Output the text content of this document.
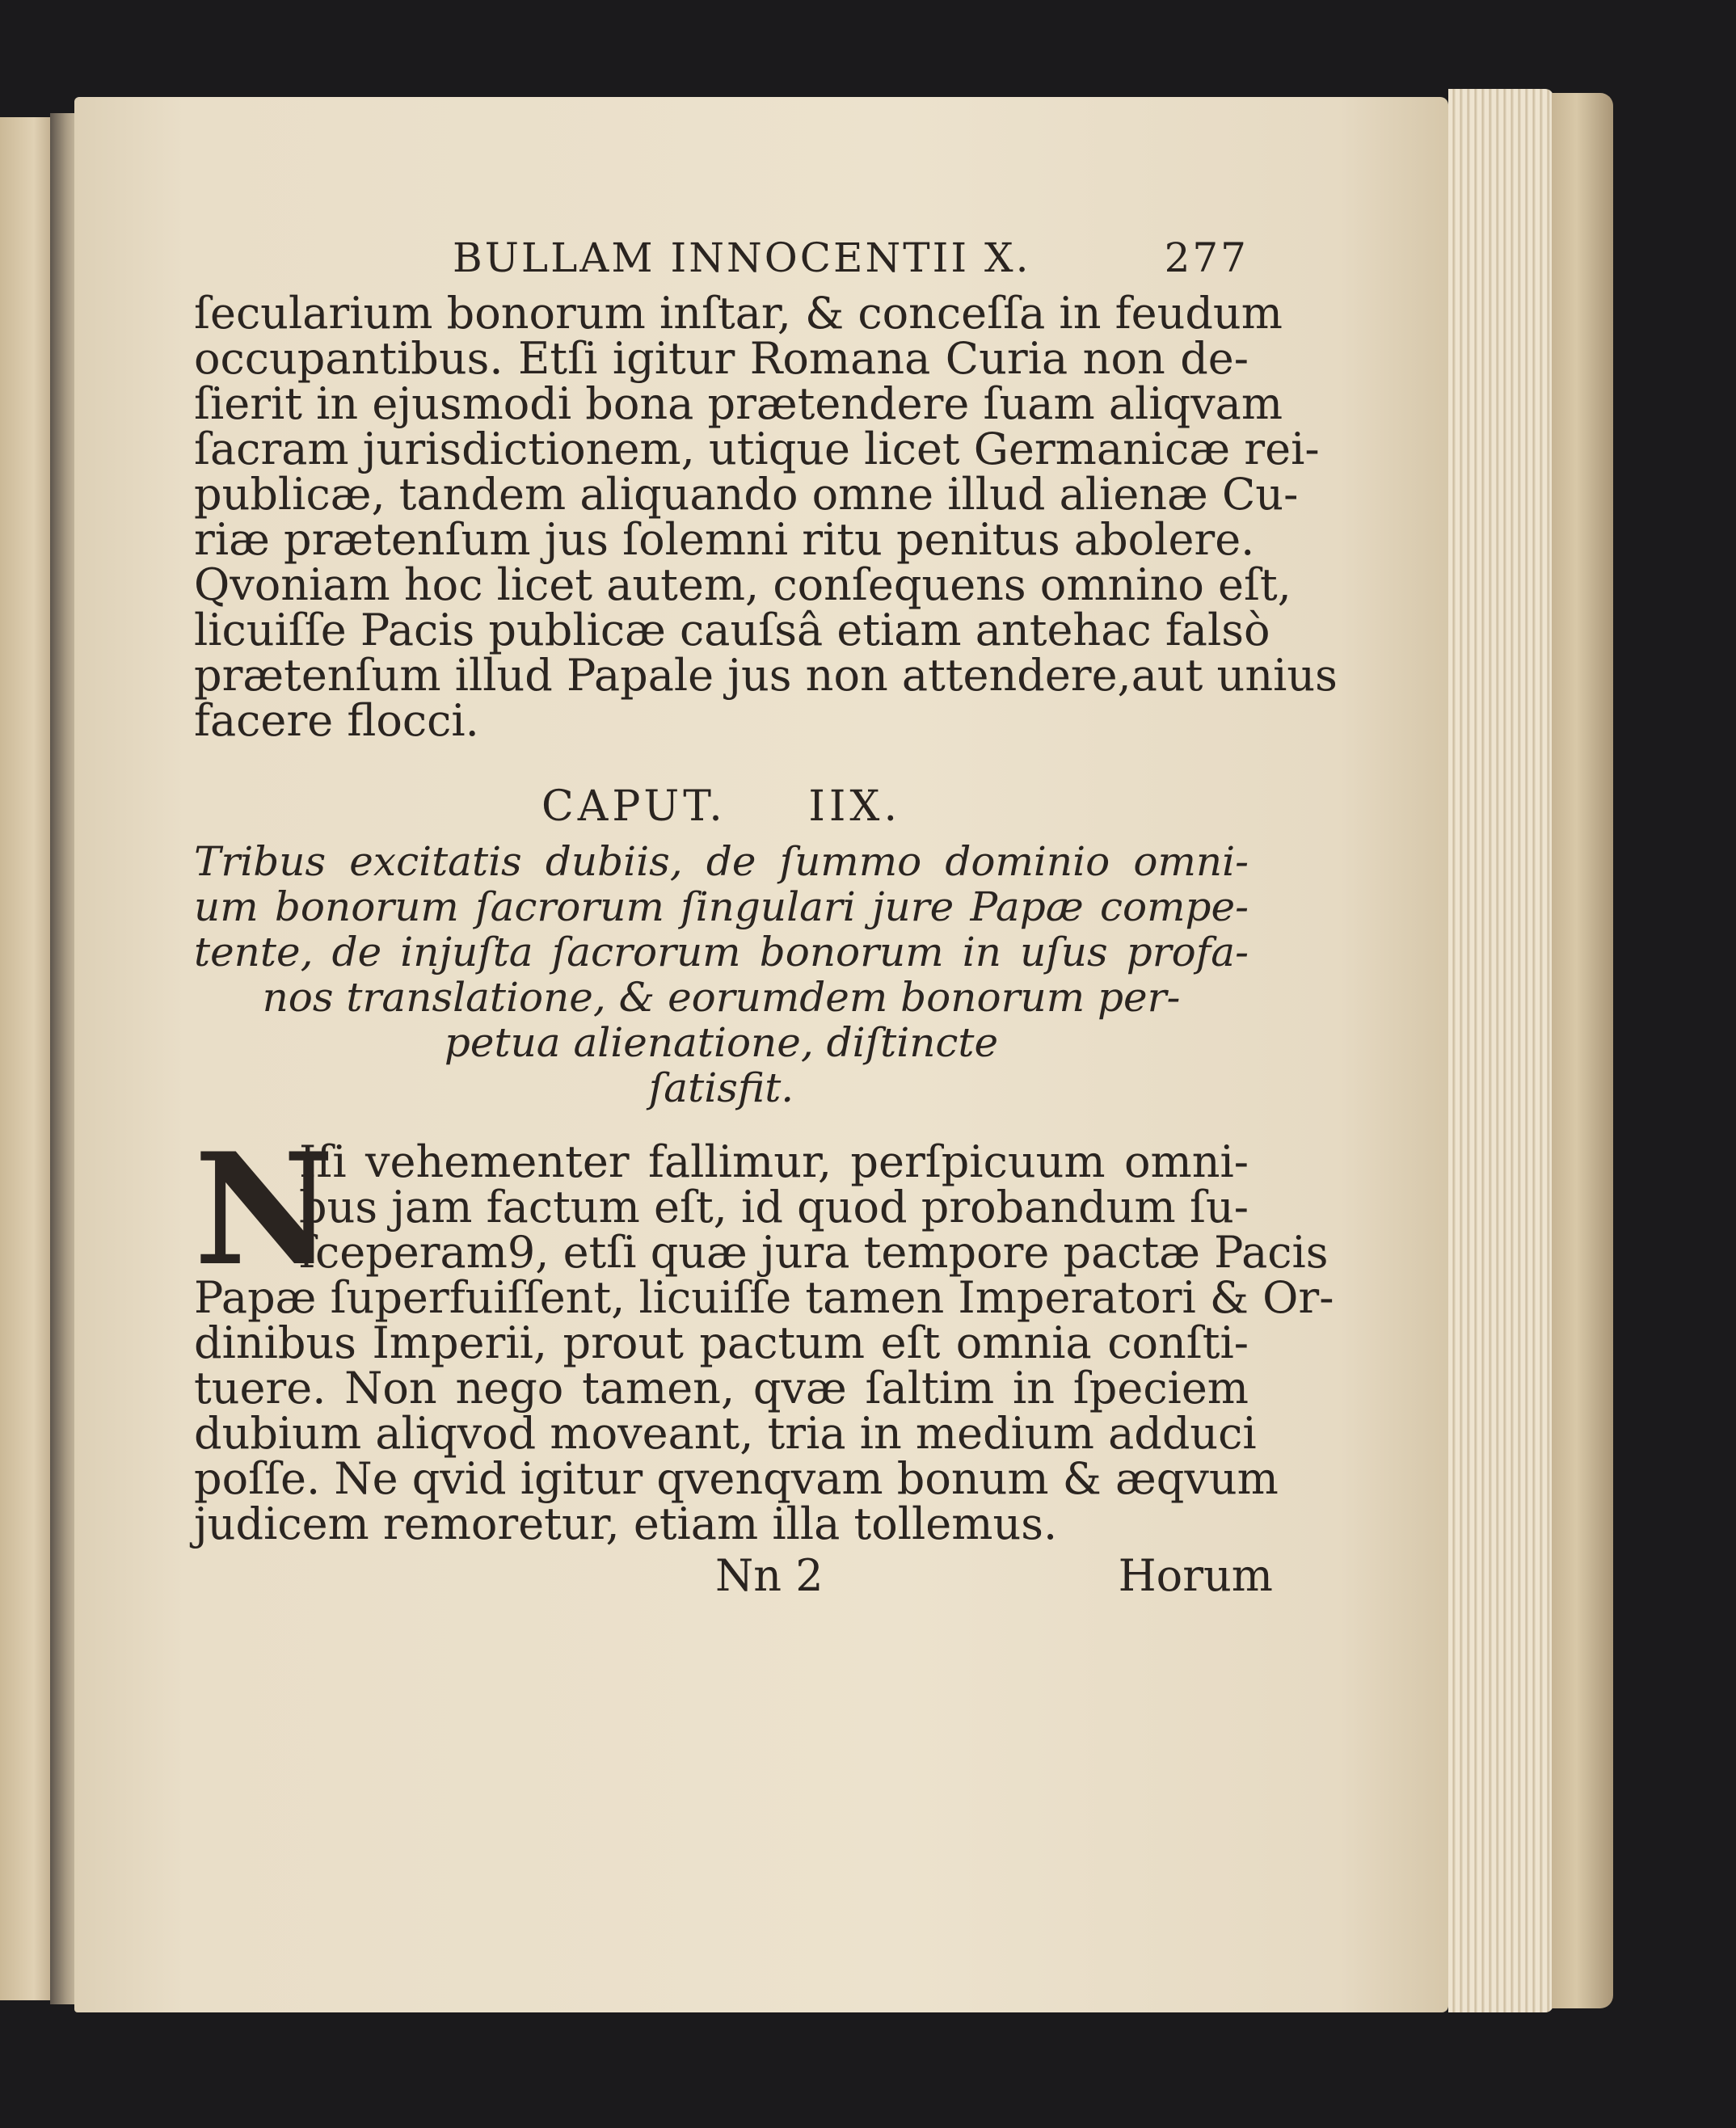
BULLAM INNOCENTII X.	277
ſecularium bonorum inſtar, & conceſſa in feudum
occupantibus. Etſi igitur Romana Curia non de-
ſierit in ejusmodi bona prætendere ſuam aliqvam
ſacram jurisdictionem, utique licet Germanicæ rei-
publicæ, tandem aliquando omne illud alienæ Cu-
riæ prætenſum jus ſolemni ritu penitus abolere.
Qvoniam hoc licet autem, conſequens omnino eſt,
licuiſſe Pacis publicæ cauſsâ etiam antehac falsò
prætenſum illud Papale jus non attendere,aut unius
facere flocci.
CAPUT. IIX.
Tribus excitatis dubiis, de ſummo dominio omni-
um bonorum ſacrorum ſingulari jure Papæ compe-
tente, de injuſta ſacrorum bonorum in uſus profa-
nos translatione, & eorumdem bonorum per-
petua alienatione, diſtincte
ſatisfit.
N
Iſi vehementer fallimur, perſpicuum omni-
bus jam factum eſt, id quod probandum ſu-
ſceperam9, etſi quæ jura tempore pactæ Pacis
Papæ ſuperfuiſſent, licuiſſe tamen Imperatori & Or-
dinibus Imperii, prout pactum eſt omnia conſti-
tuere. Non nego tamen, qvæ ſaltim in ſpeciem
dubium aliqvod moveant, tria in medium adduci
poſſe. Ne qvid igitur qvenqvam bonum & æqvum
judicem remoretur, etiam illa tollemus.
Nn 2	Horum
